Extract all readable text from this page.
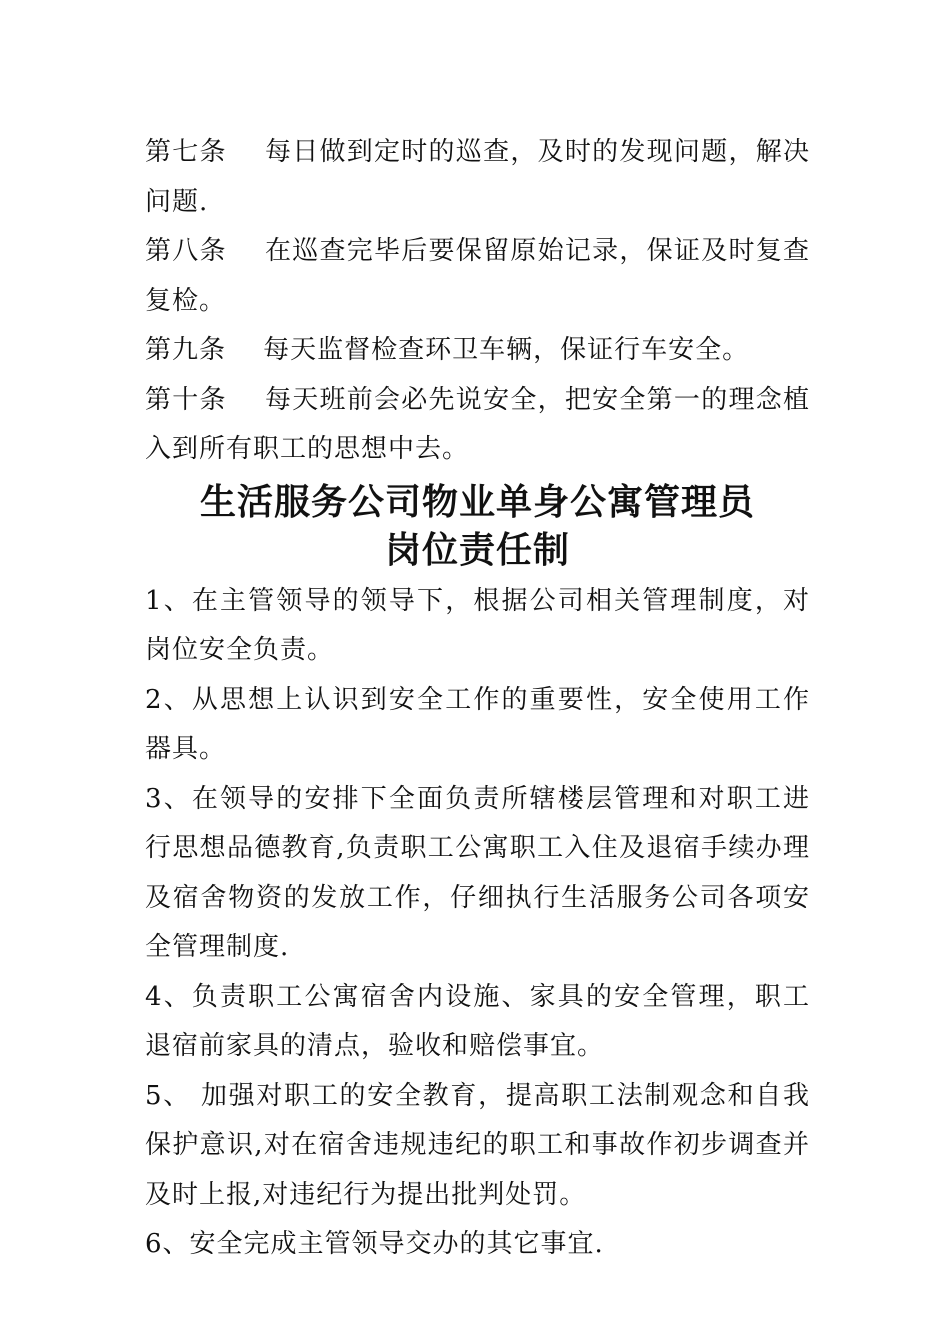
第七条 每日做到定时的巡查，及时的发现问题，解决问题.

第八条 在巡查完毕后要保留原始记录，保证及时复查复检。

第九条 每天监督检查环卫车辆，保证行车安全。

第十条 每天班前会必先说安全，把安全第一的理念植入到所有职工的思想中去。

生活服务公司物业单身公寓管理员
岗位责任制

1、在主管领导的领导下，根据公司相关管理制度，对岗位安全负责。

2、从思想上认识到安全工作的重要性，安全使用工作器具。

3、在领导的安排下全面负责所辖楼层管理和对职工进行思想品德教育,负责职工公寓职工入住及退宿手续办理及宿舍物资的发放工作，仔细执行生活服务公司各项安全管理制度.

4、负责职工公寓宿舍内设施、家具的安全管理，职工退宿前家具的清点，验收和赔偿事宜。

5、 加强对职工的安全教育，提高职工法制观念和自我保护意识,对在宿舍违规违纪的职工和事故作初步调查并及时上报,对违纪行为提出批判处罚。

6、安全完成主管领导交办的其它事宜.
